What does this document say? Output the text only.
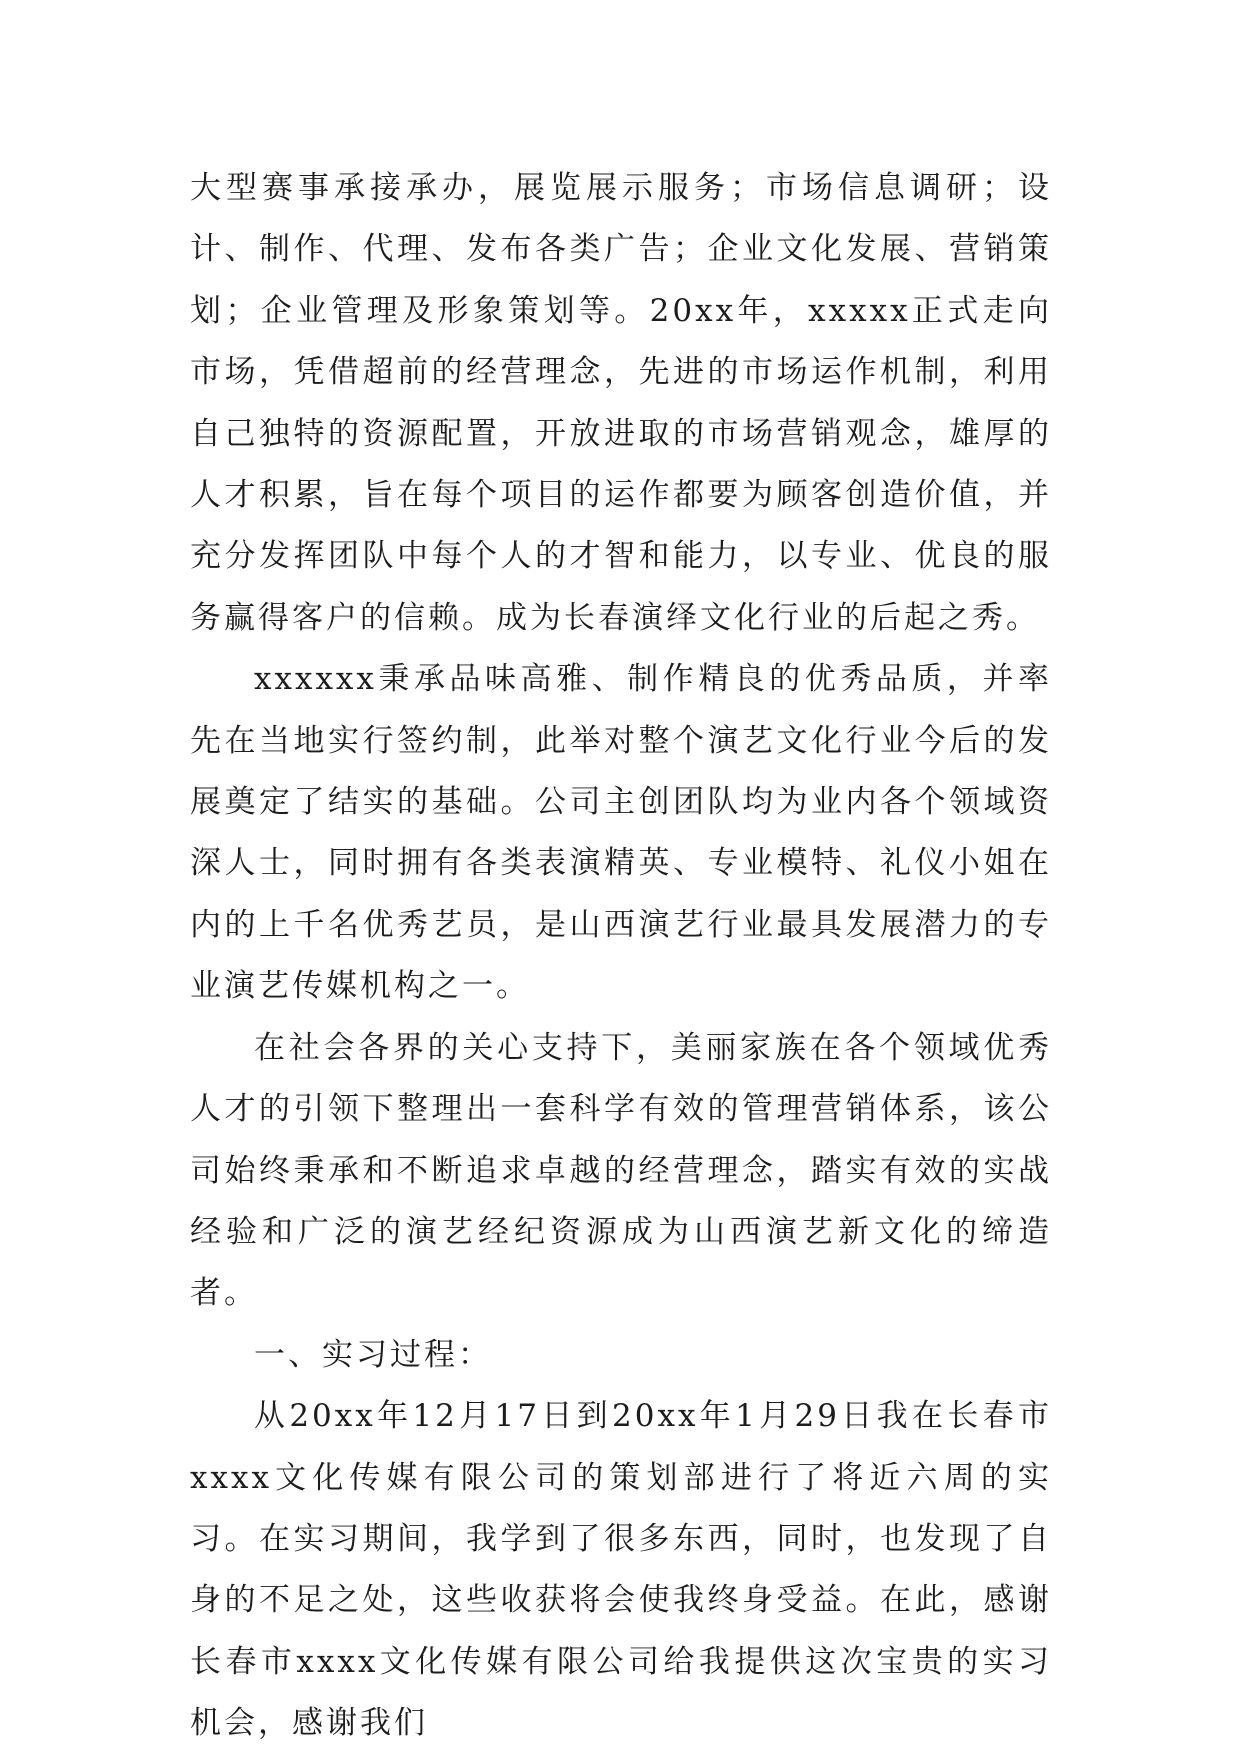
大型赛事承接承办，展览展示服务；市场信息调研；设计、制作、代理、发布各类广告；企业文化发展、营销策划；企业管理及形象策划等。20xx年，xxxxx正式走向市场，凭借超前的经营理念，先进的市场运作机制，利用自己独特的资源配置，开放进取的市场营销观念，雄厚的人才积累，旨在每个项目的运作都要为顾客创造价值，并充分发挥团队中每个人的才智和能力，以专业、优良的服务赢得客户的信赖。成为长春演绎文化行业的后起之秀。

xxxxxx秉承品味高雅、制作精良的优秀品质，并率先在当地实行签约制，此举对整个演艺文化行业今后的发展奠定了结实的基础。公司主创团队均为业内各个领域资深人士，同时拥有各类表演精英、专业模特、礼仪小姐在内的上千名优秀艺员，是山西演艺行业最具发展潜力的专业演艺传媒机构之一。

在社会各界的关心支持下，美丽家族在各个领域优秀人才的引领下整理出一套科学有效的管理营销体系，该公司始终秉承和不断追求卓越的经营理念，踏实有效的实战经验和广泛的演艺经纪资源成为山西演艺新文化的缔造者。

一、实习过程：

从20xx年12月17日到20xx年1月29日我在长春市xxxx文化传媒有限公司的策划部进行了将近六周的实习。在实习期间，我学到了很多东西，同时，也发现了自身的不足之处，这些收获将会使我终身受益。在此，感谢长春市xxxx文化传媒有限公司给我提供这次宝贵的实习机会，感谢我们
